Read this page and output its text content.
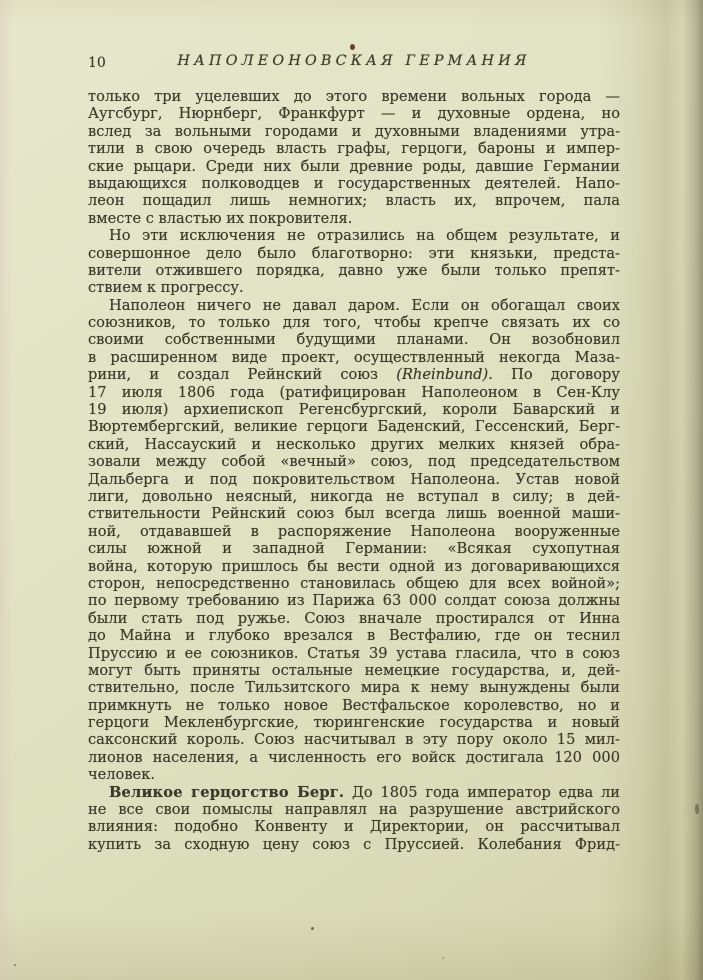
10	НАПОЛЕОНОВСКАЯ ГЕРМАНИЯ
только три уцелевших до этого времени вольных города —
Аугсбург, Нюрнберг, Франкфурт — и духовные ордена, но
вслед за вольными городами и духовными владениями утра-
тили в свою очередь власть графы, герцоги, бароны и импер-
ские рыцари. Среди них были древние роды, давшие Германии
выдающихся полководцев и государственных деятелей. Напо-
леон пощадил лишь немногих; власть их, впрочем, пала
вместе с властью их покровителя.
Но эти исключения не отразились на общем результате, и
совершонное дело было благотворно: эти князьки, предста-
вители отжившего порядка, давно уже были только препят-
ствием к прогрессу.
Наполеон ничего не давал даром. Если он обогащал своих
союзников, то только для того, чтобы крепче связать их со
своими собственными будущими планами. Он возобновил
в расширенном виде проект, осуществленный некогда Маза-
рини, и создал Рейнский союз (Rheinbund). По договору
17 июля 1806 года (ратифицирован Наполеоном в Сен-Клу
19 июля) архиепископ Регенсбургский, короли Баварский и
Вюртембергский, великие герцоги Баденский, Гессенский, Берг-
ский, Нассауский и несколько других мелких князей обра-
зовали между собой «вечный» союз, под председательством
Дальберга и под покровительством Наполеона. Устав новой
лиги, довольно неясный, никогда не вступал в силу; в дей-
ствительности Рейнский союз был всегда лишь военной маши-
ной, отдававшей в распоряжение Наполеона вооруженные
силы южной и западной Германии: «Всякая сухопутная
война, которую пришлось бы вести одной из договаривающихся
сторон, непосредственно становилась общею для всех войной»;
по первому требованию из Парижа 63 000 солдат союза должны
были стать под ружье. Союз вначале простирался от Инна
до Майна и глубоко врезался в Вестфалию, где он теснил
Пруссию и ее союзников. Статья 39 устава гласила, что в союз
могут быть приняты остальные немецкие государства, и, дей-
ствительно, после Тильзитского мира к нему вынуждены были
примкнуть не только новое Вестфальское королевство, но и
герцоги Мекленбургские, тюрингенские государства и новый
саксонский король. Союз насчитывал в эту пору около 15 мил-
лионов населения, а численность его войск достигала 120 000
человек.
Великое герцогство Берг. До 1805 года император едва ли
не все свои помыслы направлял на разрушение австрийского
влияния: подобно Конвенту и Директории, он рассчитывал
купить за сходную цену союз с Пруссией. Колебания Фрид-
